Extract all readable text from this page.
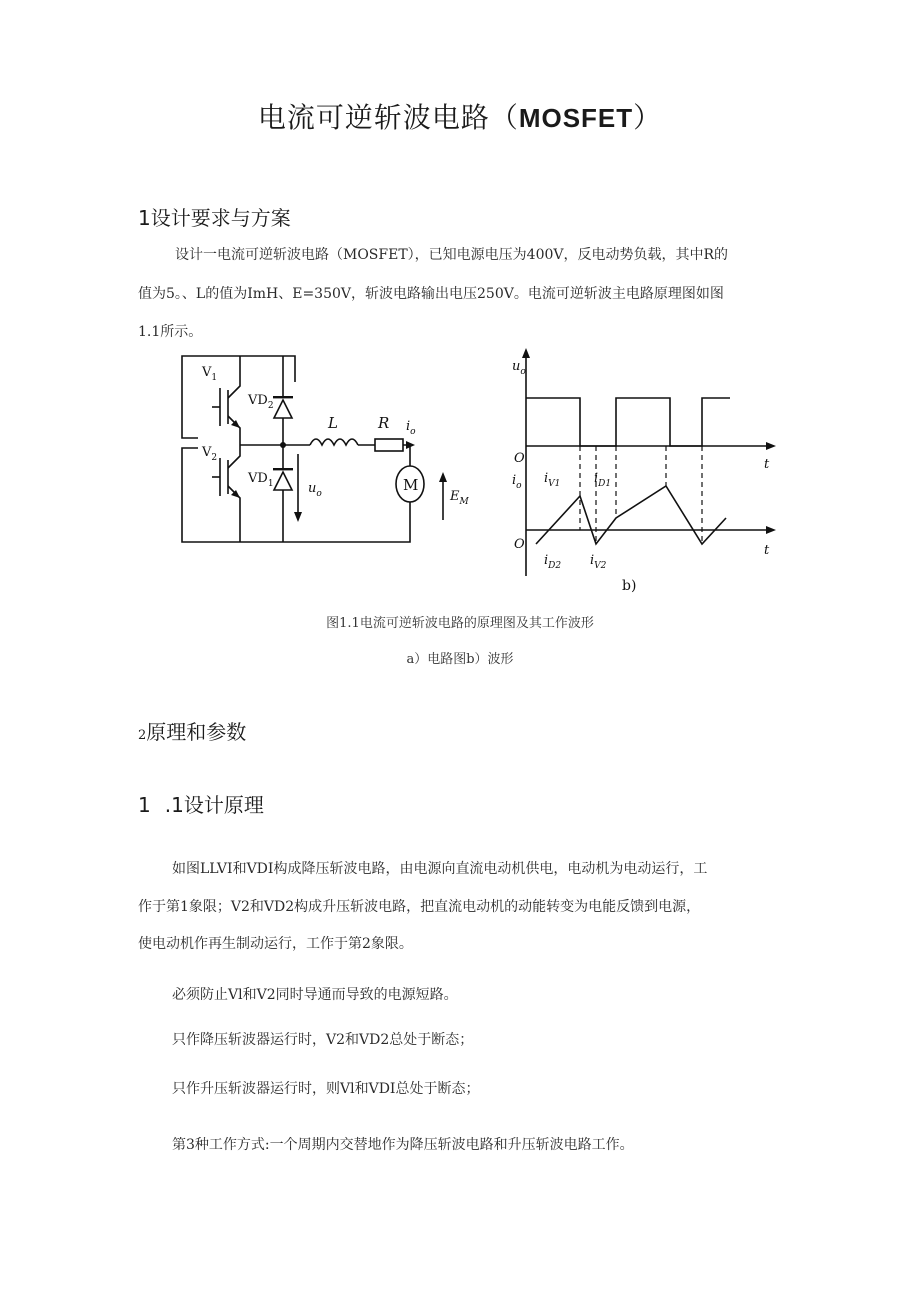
电流可逆斩波电路（MOSFET）
1设计要求与方案
设计一电流可逆斩波电路（MOSFET），已知电源电压为400V，反电动势负载，其中R的
值为5。、L的值为ImH、E=350V，斩波电路输出电压250V。电流可逆斩波主电路原理图如图
1.1所示。
$V_1$
$VD_2$
$V_2$
$VD_1$
L	R $i_o$
$u_o$	M
$E_M$
$u_o$
O	t
$i_o$ $i_{V1}$	$i_{D1}$
O	t
$i_{D2}$ $i_{V2}$
b)
图1.1电流可逆斩波电路的原理图及其工作波形
a）电路图b）波形
2原理和参数
1 .1设计原理
如图LLVI和VDI构成降压斩波电路，由电源向直流电动机供电，电动机为电动运行，工
作于第1象限；V2和VD2构成升压斩波电路，把直流电动机的动能转变为电能反馈到电源，
使电动机作再生制动运行，工作于第2象限。
必须防止Vl和V2同时导通而导致的电源短路。
只作降压斩波器运行时，V2和VD2总处于断态；
只作升压斩波器运行时，则Vl和VDI总处于断态；
第3种工作方式:一个周期内交替地作为降压斩波电路和升压斩波电路工作。
